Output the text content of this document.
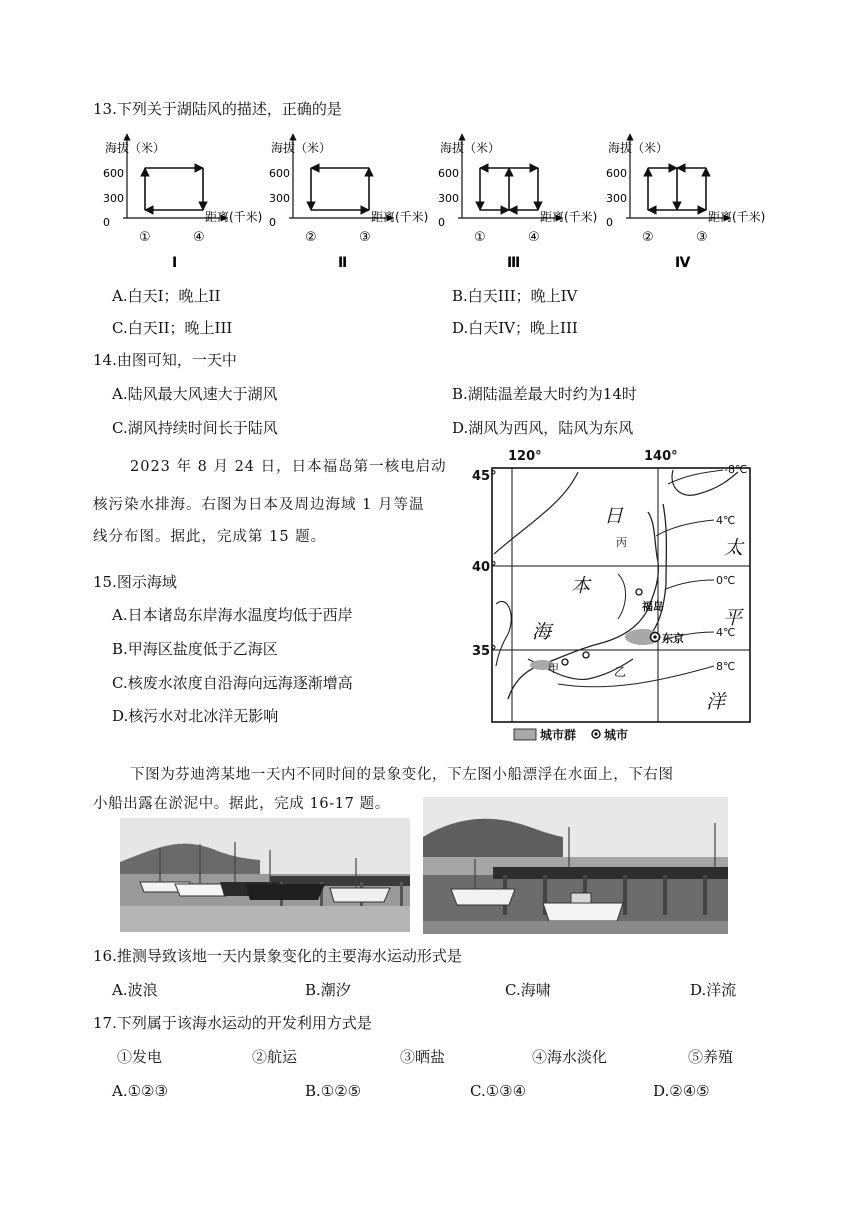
13.下列关于湖陆风的描述，正确的是
海拔（米）
600
300
0	距离(千米)
①	④
Ⅰ
海拔（米）
600
300
0	距离(千米)
②	③
Ⅱ
海拔（米）
600
300
0	距离(千米)
①	④
Ⅲ
海拔（米）
600
300
0	距离(千米)
②	③
Ⅳ
A.白天I；晚上II	B.白天III；晚上IV
C.白天II；晚上III	D.白天IV；晚上III
14.由图可知，一天中
A.陆风最大风速大于湖风	B.湖陆温差最大时约为14时
C.湖风持续时间长于陆风	D.湖风为西风，陆风为东风
2023 年 8 月 24 日，日本福岛第一核电启动
核污染水排海。右图为日本及周边海域 1 月等温
线分布图。据此，完成第 15 题。
120°	140°
45°
40°
35°
-8℃
4℃
0℃
4℃
8℃
日
本
海
太
平
洋
丙
福岛
东京
甲	乙
城市群 城市
15.图示海域
A.日本诸岛东岸海水温度均低于西岸
B.甲海区盐度低于乙海区
C.核废水浓度自沿海向远海逐渐增高
D.核污水对北冰洋无影响
下图为芬迪湾某地一天内不同时间的景象变化，下左图小船漂浮在水面上，下右图
小船出露在淤泥中。据此，完成 16-17 题。
16.推测导致该地一天内景象变化的主要海水运动形式是
A.波浪	B.潮汐	C.海啸	D.洋流
17.下列属于该海水运动的开发利用方式是
①发电	②航运	③晒盐	④海水淡化	⑤养殖
A.①②③	B.①②⑤	C.①③④	D.②④⑤
